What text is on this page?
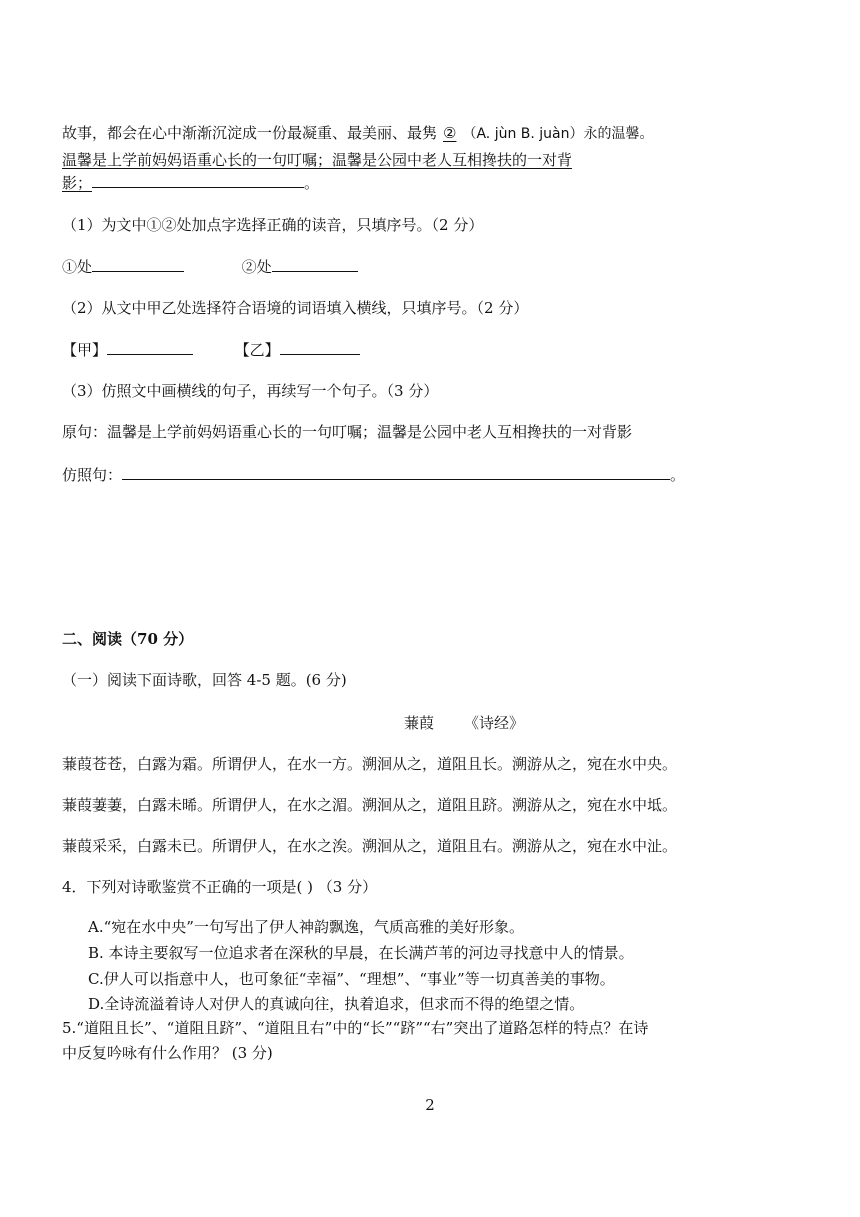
故事，都会在心中渐渐沉淀成一份最凝重、最美丽、最隽 ② （A. jùn B. juàn）永的温馨。
温馨是上学前妈妈语重心长的一句叮嘱；温馨是公园中老人互相搀扶的一对背
影；	。
（1）为文中①②处加点字选择正确的读音，只填序号。（2 分）
①处	②处
（2）从文中甲乙处选择符合语境的词语填入横线，只填序号。（2 分）
【甲】	【乙】
（3）仿照文中画横线的句子，再续写一个句子。（3 分）
原句：温馨是上学前妈妈语重心长的一句叮嘱；温馨是公园中老人互相搀扶的一对背影
仿照句：	。
二、阅读（70 分）
（一）阅读下面诗歌，回答 4-5 题。(6 分)
蒹葭 《诗经》
蒹葭苍苍，白露为霜。所谓伊人，在水一方。溯洄从之，道阻且长。溯游从之，宛在水中央。
蒹葭萋萋，白露未晞。所谓伊人，在水之湄。溯洄从之，道阻且跻。溯游从之，宛在水中坻。
蒹葭采采，白露未已。所谓伊人，在水之涘。溯洄从之，道阻且右。溯游从之，宛在水中沚。
4．下列对诗歌鉴赏不正确的一项是( ) （3 分）
A.“宛在水中央”一句写出了伊人神韵飘逸，气质高雅的美好形象。
B. 本诗主要叙写一位追求者在深秋的早晨，在长满芦苇的河边寻找意中人的情景。
C.伊人可以指意中人，也可象征“幸福”、“理想”、“事业”等一切真善美的事物。
D.全诗流溢着诗人对伊人的真诚向往，执着追求，但求而不得的绝望之情。
5.“道阻且长”、“道阻且跻”、“道阻且右”中的“长”“跻”“右”突出了道路怎样的特点？在诗
中反复吟咏有什么作用？ (3 分)
2
